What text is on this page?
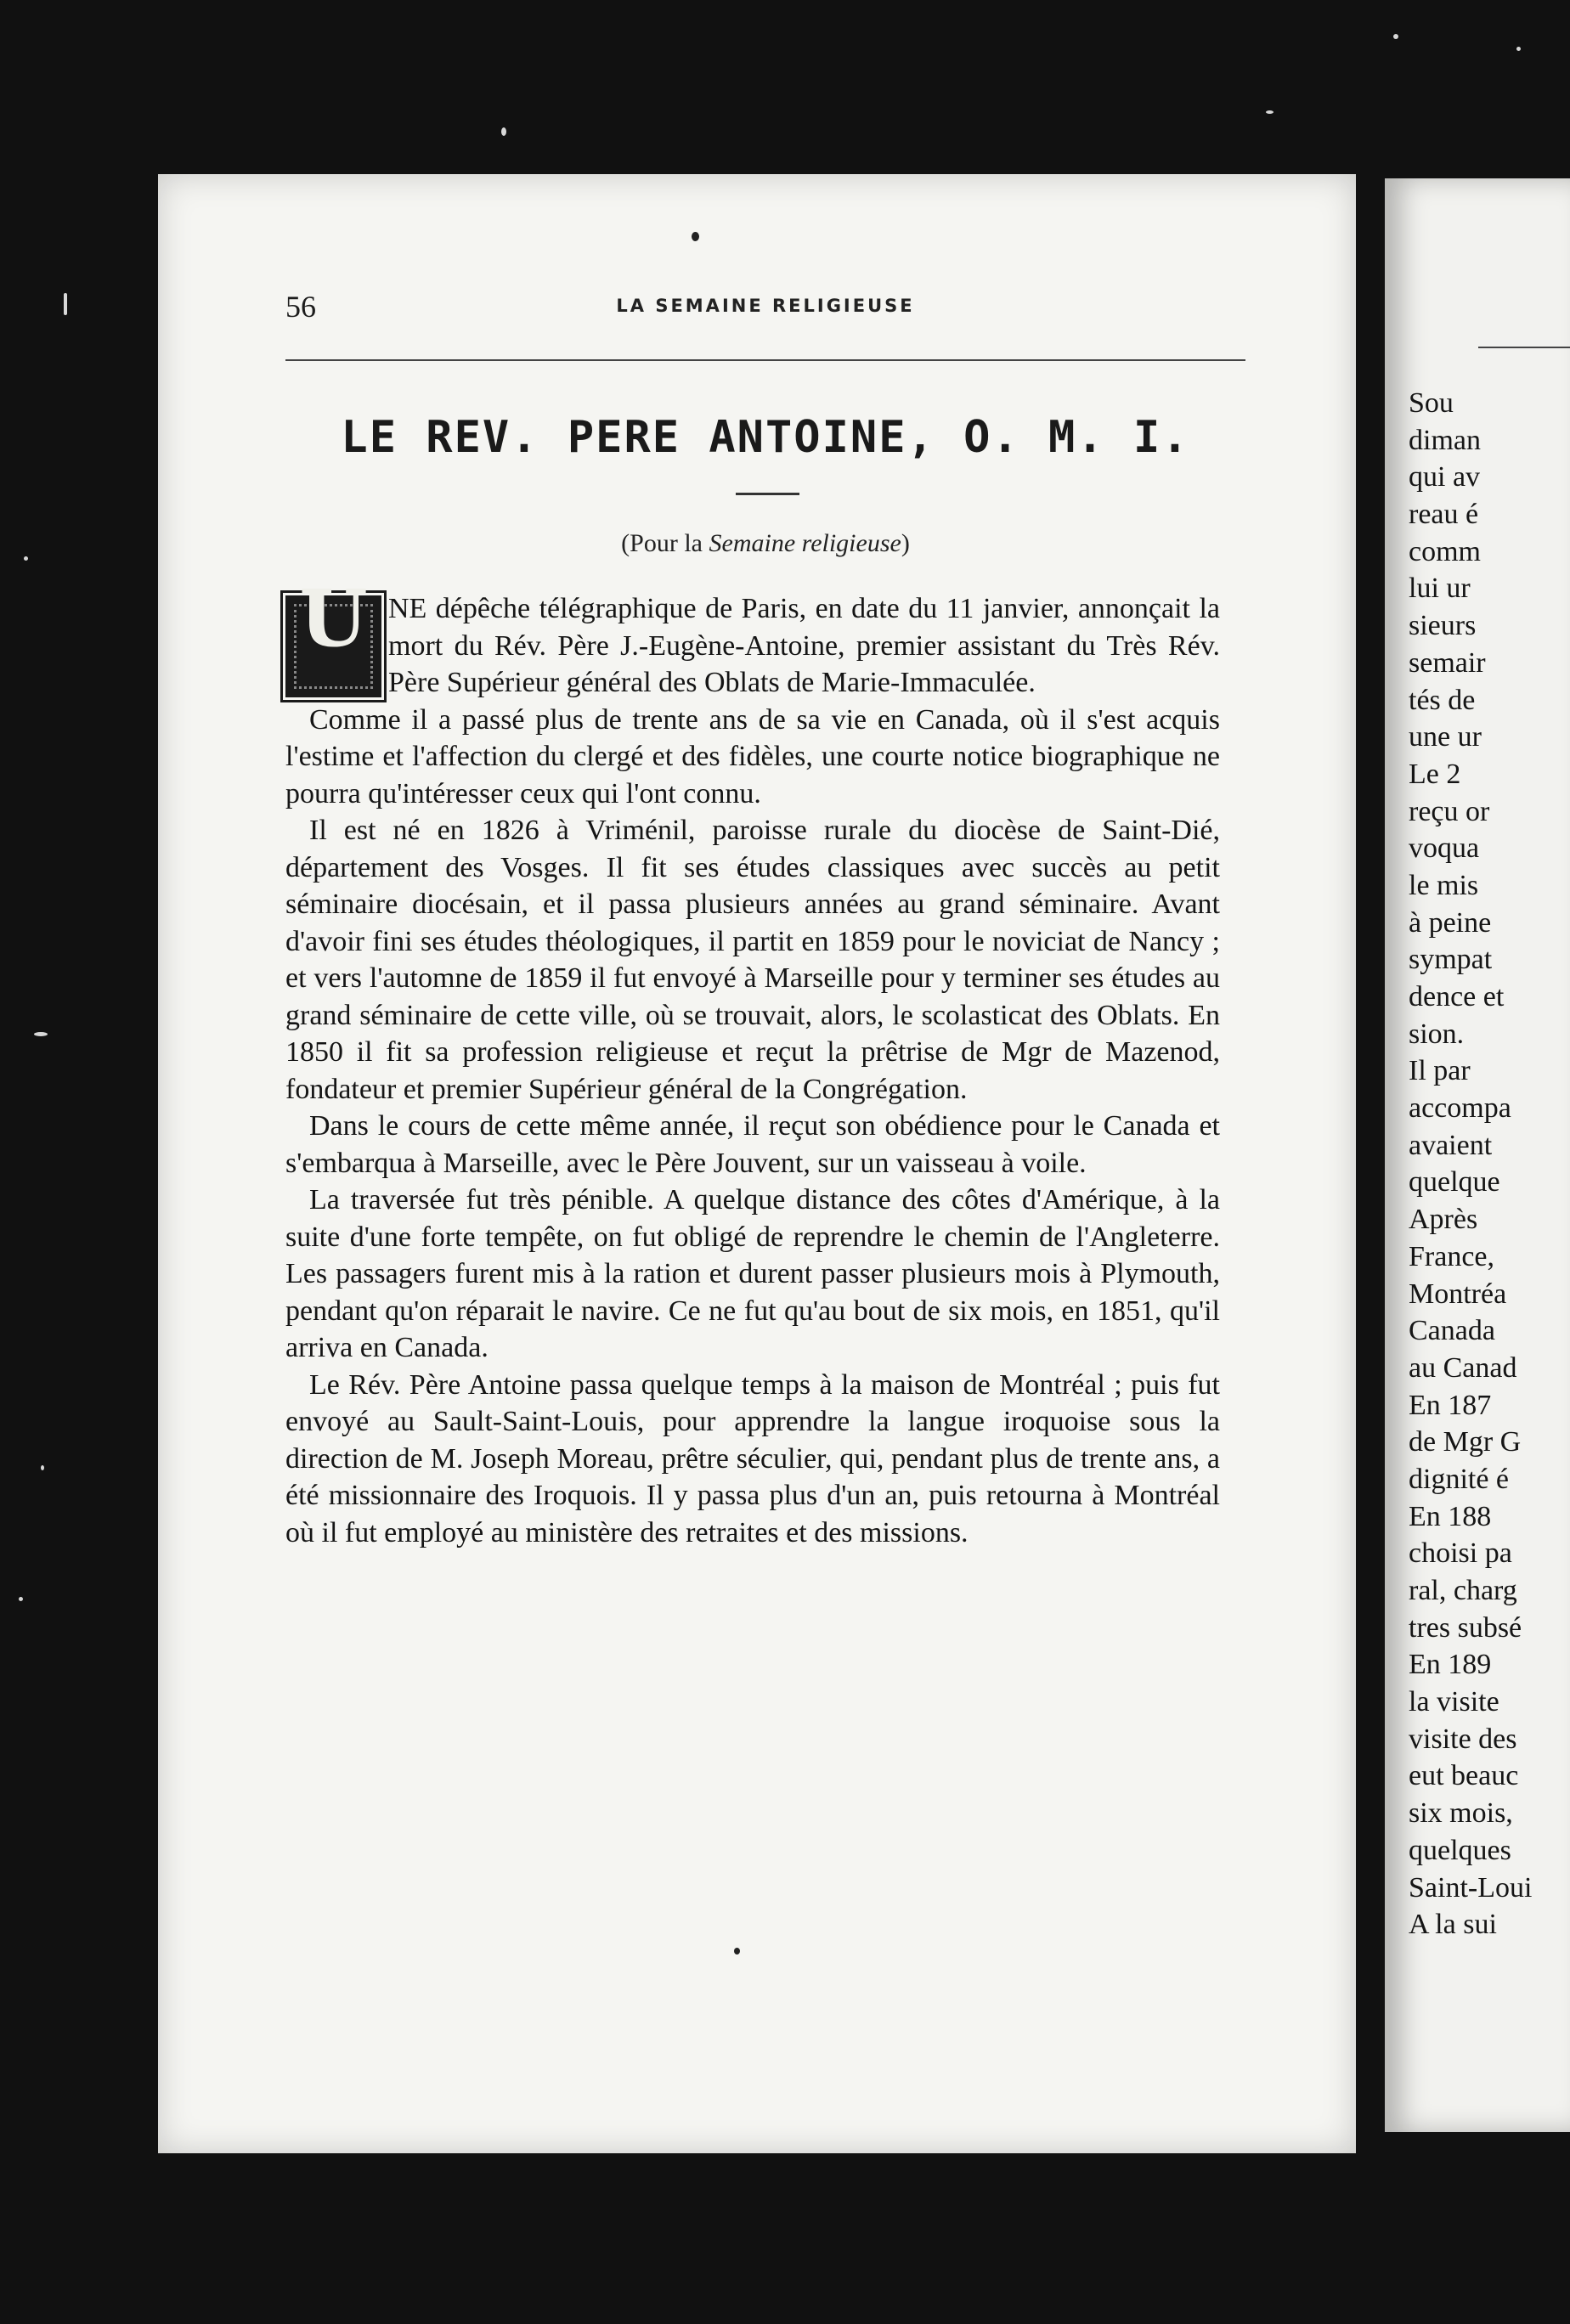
56	LA SEMAINE RELIGIEUSE
LE REV. PERE ANTOINE, O. M. I.
(Pour la Semaine religieuse)

U NE dépêche télégraphique de Paris, en date du 11 janvier, annonçait la mort du Rév. Père J.-Eugène-Antoine, premier assistant du Très Rév. Père Supérieur général des Oblats de Marie-Immaculée.

Comme il a passé plus de trente ans de sa vie en Canada, où il s'est acquis l'estime et l'affection du clergé et des fidèles, une courte notice biographique ne pourra qu'intéresser ceux qui l'ont connu.

Il est né en 1826 à Vriménil, paroisse rurale du diocèse de Saint-Dié, département des Vosges. Il fit ses études classiques avec succès au petit séminaire diocésain, et il passa plusieurs années au grand séminaire. Avant d'avoir fini ses études théologiques, il partit en 1859 pour le noviciat de Nancy ; et vers l'automne de 1859 il fut envoyé à Marseille pour y terminer ses études au grand séminaire de cette ville, où se trouvait, alors, le scolasticat des Oblats. En 1850 il fit sa profession religieuse et reçut la prêtrise de Mgr de Mazenod, fondateur et premier Supérieur général de la Congrégation.

Dans le cours de cette même année, il reçut son obédience pour le Canada et s'embarqua à Marseille, avec le Père Jouvent, sur un vaisseau à voile.

La traversée fut très pénible. A quelque distance des côtes d'Amérique, à la suite d'une forte tempête, on fut obligé de reprendre le chemin de l'Angleterre. Les passagers furent mis à la ration et durent passer plusieurs mois à Plymouth, pendant qu'on réparait le navire. Ce ne fut qu'au bout de six mois, en 1851, qu'il arriva en Canada.

Le Rév. Père Antoine passa quelque temps à la maison de Montréal ; puis fut envoyé au Sault-Saint-Louis, pour apprendre la langue iroquoise sous la direction de M. Joseph Moreau, prêtre séculier, qui, pendant plus de trente ans, a été missionnaire des Iroquois. Il y passa plus d'un an, puis retourna à Montréal où il fut employé au ministère des retraites et des missions.

Sou
diman
qui av
reau é
comm
lui ur
sieurs
semair
tés de
une ur
Le 2
reçu or
voqua
le mis
à peine
sympat
dence et
sion.
Il par
accompa
avaient
quelque
Après
France,
Montréa
Canada
au Canad
En 187
de Mgr G
dignité é
En 188
choisi pa
ral, charg
tres subsé
En 189
la visite
visite des
eut beauc
six mois,
quelques
Saint-Loui
A la sui
